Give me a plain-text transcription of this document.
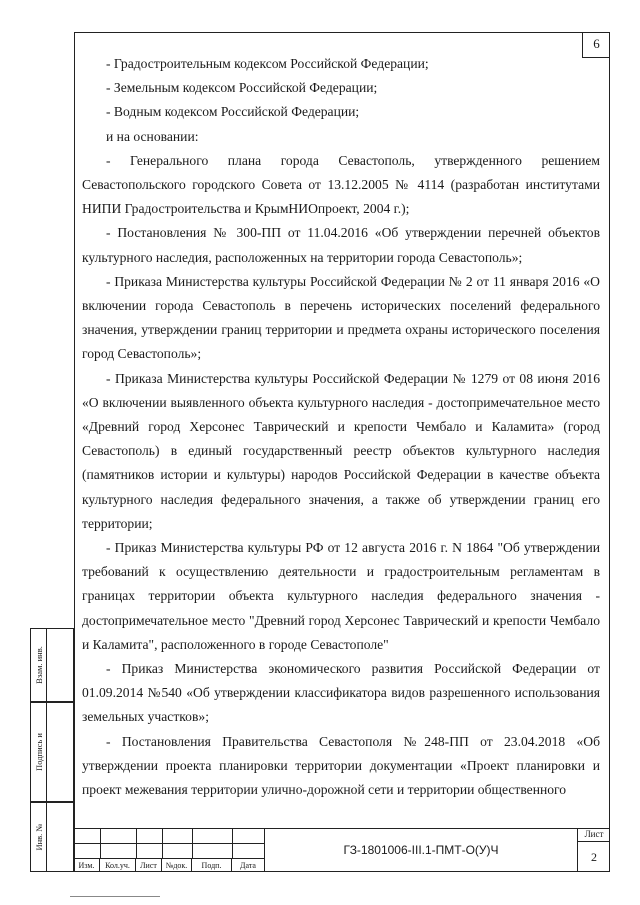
6

- Градостроительным кодексом Российской Федерации;

- Земельным кодексом Российской Федерации;

- Водным кодексом Российской Федерации;

и на основании:

- Генерального плана города Севастополь, утвержденного решением Севастопольского городского Совета от 13.12.2005 № 4114 (разработан институтами НИПИ Градостроительства и КрымНИОпроект, 2004 г.);

- Постановления № 300-ПП от 11.04.2016 «Об утверждении перечней объектов культурного наследия, расположенных на территории города Севастополь»;

- Приказа Министерства культуры Российской Федерации № 2 от 11 января 2016 «О включении города Севастополь в перечень исторических поселений федерального значения, утверждении границ территории и предмета охраны исторического поселения город Севастополь»;

- Приказа Министерства культуры Российской Федерации № 1279 от 08 июня 2016 «О включении выявленного объекта культурного наследия - достопримечательное место «Древний город Херсонес Таврический и крепости Чембало и Каламита» (город Севастополь) в единый государственный реестр объектов культурного наследия (памятников истории и культуры) народов Российской Федерации в качестве объекта культурного наследия федерального значения, а также об утверждении границ его территории;

- Приказ Министерства культуры РФ от 12 августа 2016 г. N 1864 "Об утверждении требований к осуществлению деятельности и градостроительным регламентам в границах территории объекта культурного наследия федерального значения - достопримечательное место "Древний город Херсонес Таврический и крепости Чембало и Каламита", расположенного в городе Севастополе"

- Приказ Министерства экономического развития Российской Федерации от 01.09.2014 №540 «Об утверждении классификатора видов разрешенного использования земельных участков»;

- Постановления Правительства Севастополя №248-ПП от 23.04.2018 «Об утверждении проекта планировки территории документации «Проект планировки и проект межевания территории улично-дорожной сети и территории общественного

Взам. инв.
Подпись и
Инв. №
Изм.	Кол.уч.	Лист	№док.	Подп.	Дата
ГЗ-1801006-III.1-ПМТ-О(У)Ч
Лист
2
